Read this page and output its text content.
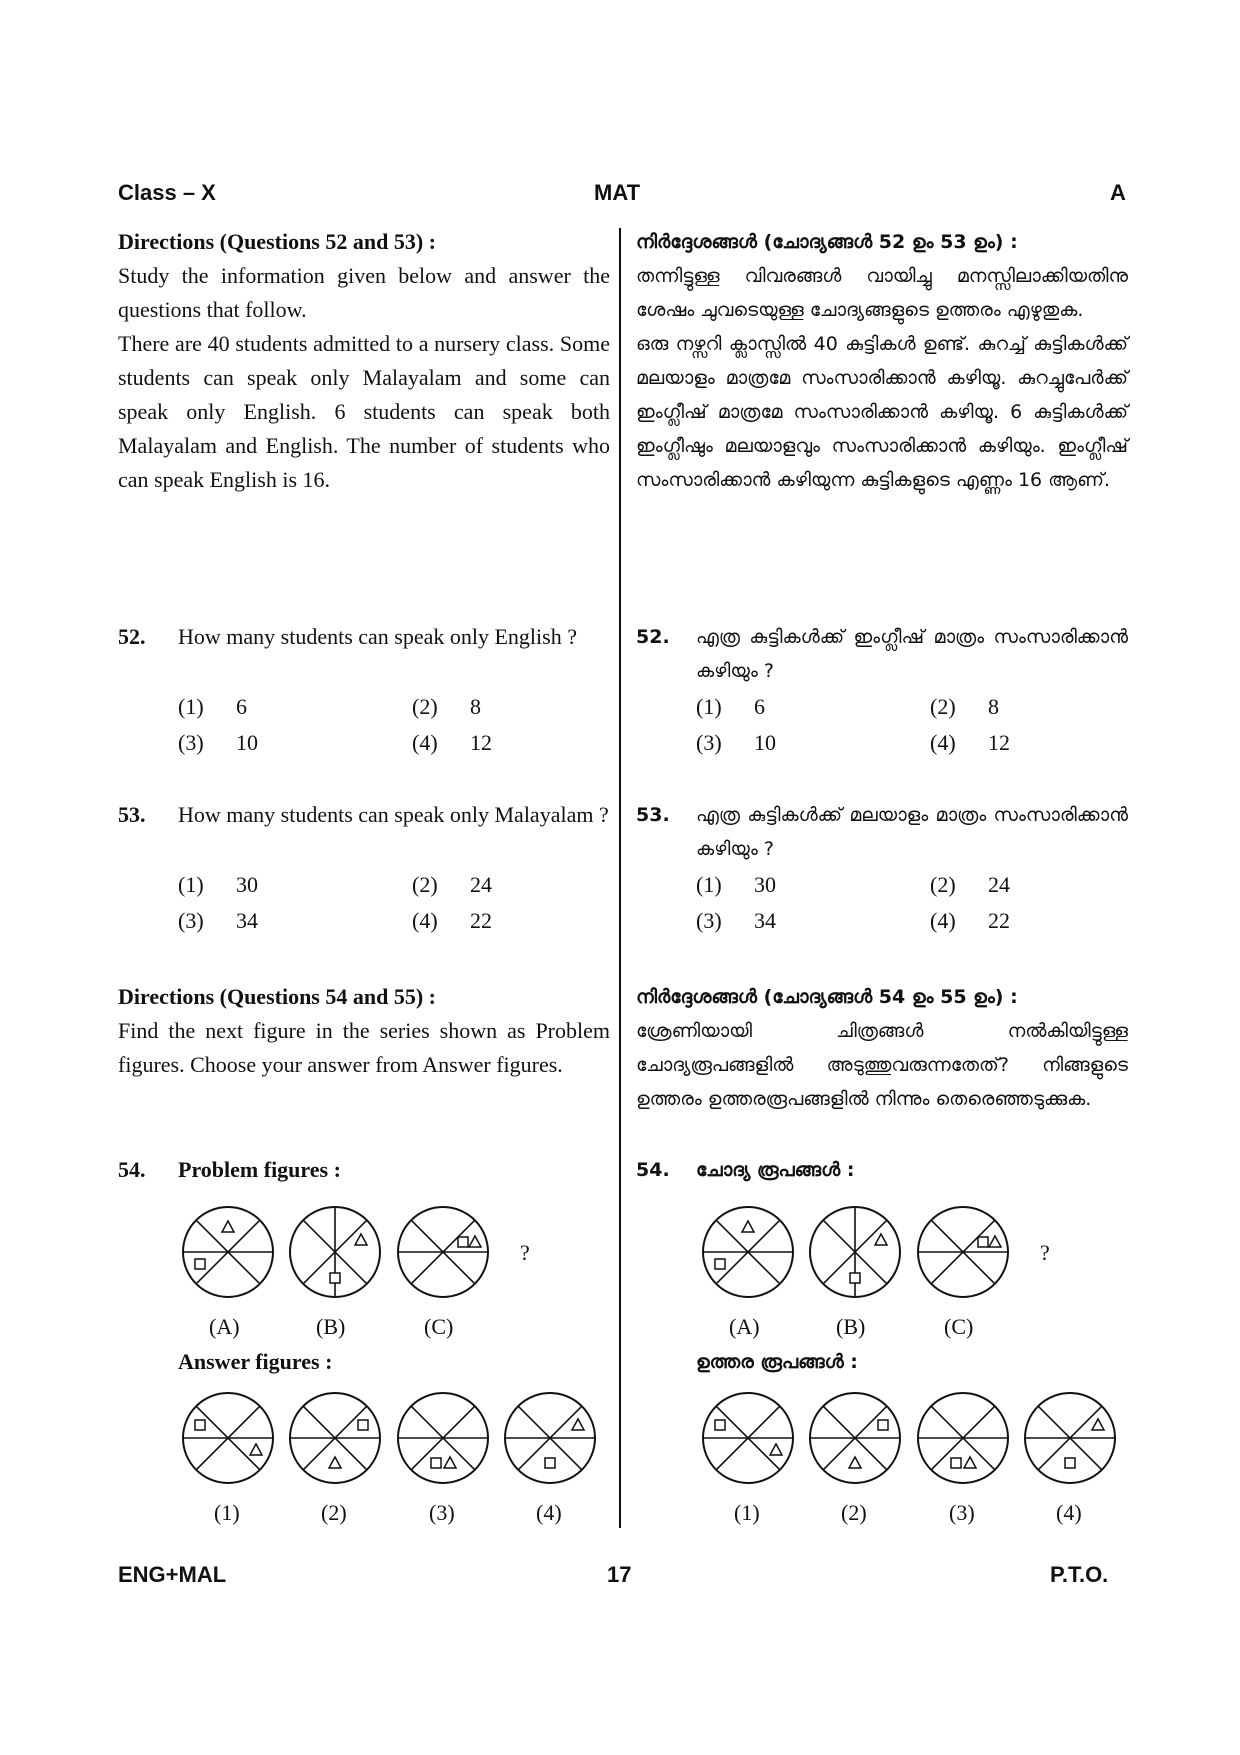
Class – X	MAT	A

Directions (Questions 52 and 53) :

Study the information given below and answer the questions that follow.

There are 40 students admitted to a nursery class. Some students can speak only Malayalam and some can speak only English. 6 students can speak both Malayalam and English. The number of students who can speak English is 16.

52. How many students can speak only English ?
(1) 6	(2) 8
(3) 10	(4) 12
53. How many students can speak only Malayalam ?
(1) 30	(2) 24
(3) 34	(4) 22

Directions (Questions 54 and 55) :

Find the next figure in the series shown as Problem figures. Choose your answer from Answer figures.

54. Problem figures :
Answer figures :

നിർദ്ദേശങ്ങൾ (ചോദ്യങ്ങൾ 52 ഉം 53 ഉം) :

തന്നിട്ടുള്ള വിവരങ്ങൾ വായിച്ചു മനസ്സിലാക്കിയതിനു ശേഷം ചുവടെയുള്ള ചോദ്യങ്ങളുടെ ഉത്തരം എഴുതുക.

ഒരു നഴ്സറി ക്ലാസ്സിൽ 40 കുട്ടികൾ ഉണ്ട്. കുറച്ച് കുട്ടികൾക്ക് മലയാളം മാത്രമേ സംസാരിക്കാൻ കഴിയൂ. കുറച്ചുപേർക്ക് ഇംഗ്ലീഷ് മാത്രമേ സംസാരിക്കാൻ കഴിയൂ. 6 കുട്ടികൾക്ക് ഇംഗ്ലീഷും മലയാളവും സംസാരിക്കാൻ കഴിയും. ഇംഗ്ലീഷ് സംസാരിക്കാൻ കഴിയുന്ന കുട്ടികളുടെ എണ്ണം 16 ആണ്.

52. എത്ര കുട്ടികൾക്ക് ഇംഗ്ലീഷ് മാത്രം സംസാരിക്കാൻ കഴിയും ?
(1) 6	(2) 8
(3) 10	(4) 12
53. എത്ര കുട്ടികൾക്ക് മലയാളം മാത്രം സംസാരിക്കാൻ കഴിയും ?
(1) 30	(2) 24
(3) 34	(4) 22

നിർദ്ദേശങ്ങൾ (ചോദ്യങ്ങൾ 54 ഉം 55 ഉം) :

ശ്രേണിയായി ചിത്രങ്ങൾ നൽകിയിട്ടുള്ള ചോദ്യരൂപങ്ങളിൽ അടുത്തുവരുന്നതേത്? നിങ്ങളുടെ ഉത്തരം ഉത്തരരൂപങ്ങളിൽ നിന്നും തെരെഞ്ഞടുക്കുക.

54. ചോദ്യ രൂപങ്ങൾ :
ഉത്തര രൂപങ്ങൾ :
(A)	(B)	(C)
?
(1)	(2)	(3)	(4)
(A)	(B)	(C)
?
(1)	(2)	(3)	(4)
ENG+MAL	17	P.T.O.
